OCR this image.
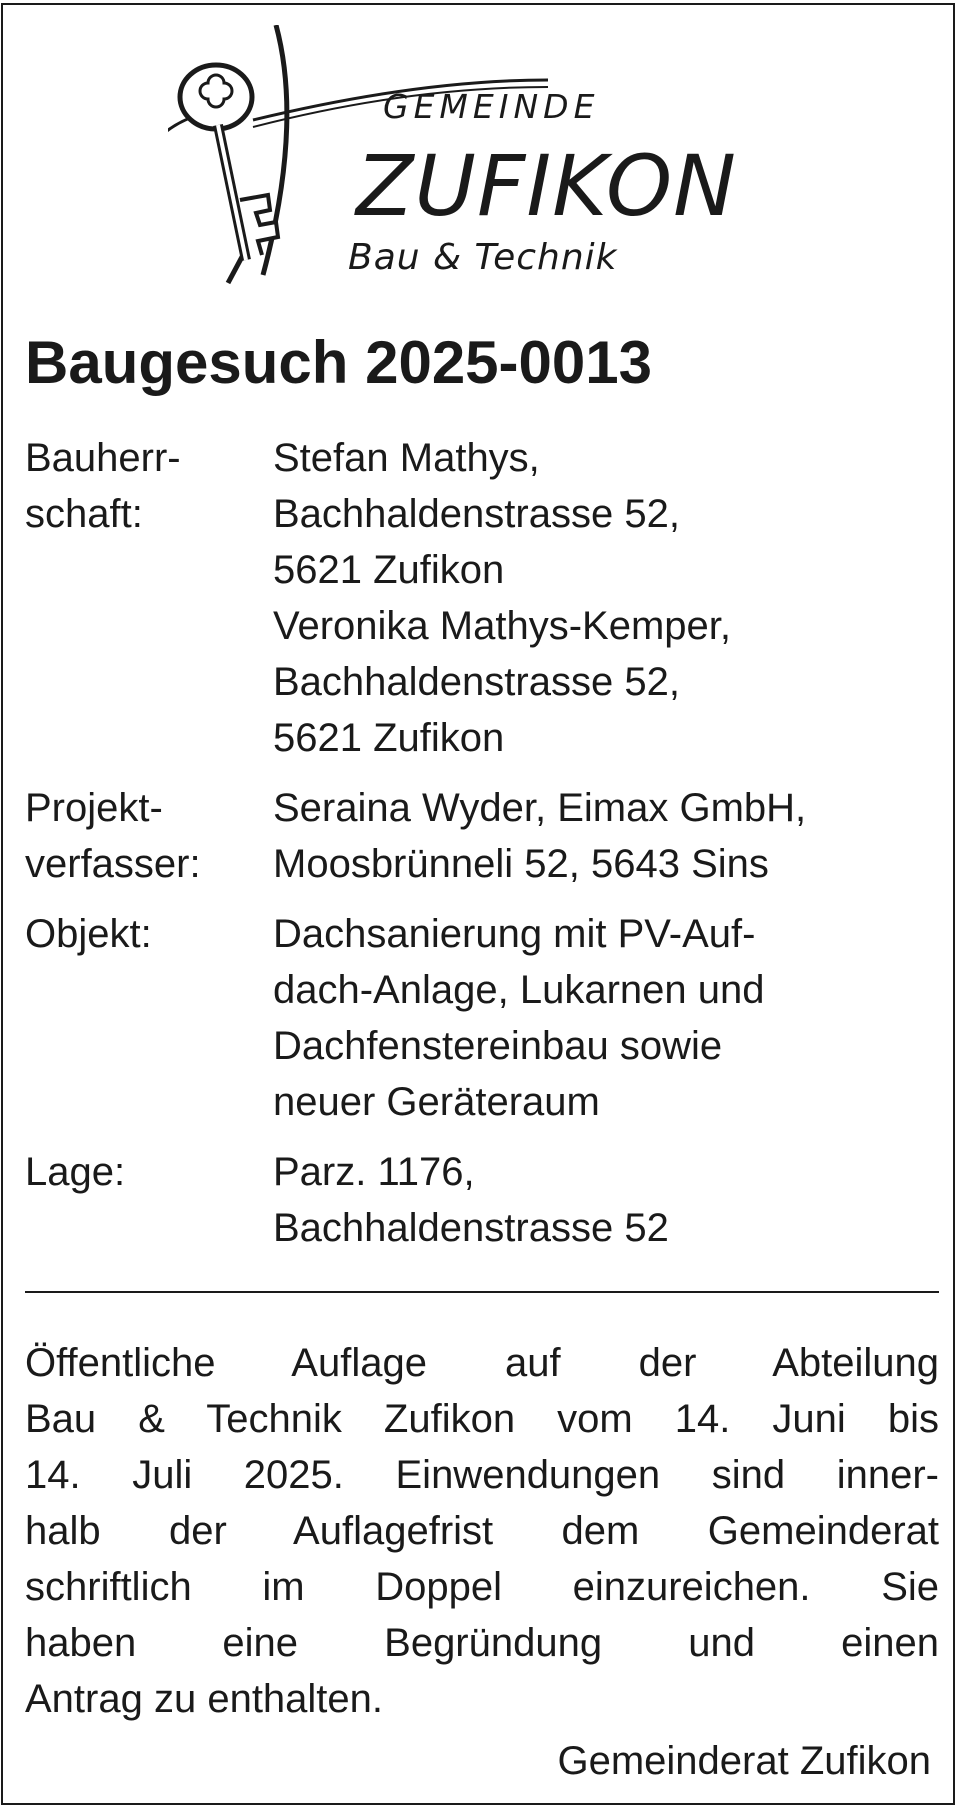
GEMEINDE
ZUFIKON
Bau & Technik
Baugesuch 2025-0013
Bauherr-
schaft:
Stefan Mathys,
Bachhaldenstrasse 52,
5621 Zufikon
Veronika Mathys-Kemper,
Bachhaldenstrasse 52,
5621 Zufikon
Projekt-
verfasser:
Seraina Wyder, Eimax GmbH,
Moosbrünneli 52, 5643 Sins
Objekt:	Dachsanierung mit PV-Auf-
dach-Anlage, Lukarnen und
Dachfenstereinbau sowie
neuer Geräteraum
Lage:	Parz. 1176,
Bachhaldenstrasse 52
Öffentliche Auflage auf der Abteilung
Bau & Technik Zufikon vom 14. Juni bis
14. Juli 2025. Einwendungen sind inner-
halb der Auflagefrist dem Gemeinderat
schriftlich im Doppel einzureichen. Sie
haben eine Begründung und einen
Antrag zu enthalten.
Gemeinderat Zufikon
